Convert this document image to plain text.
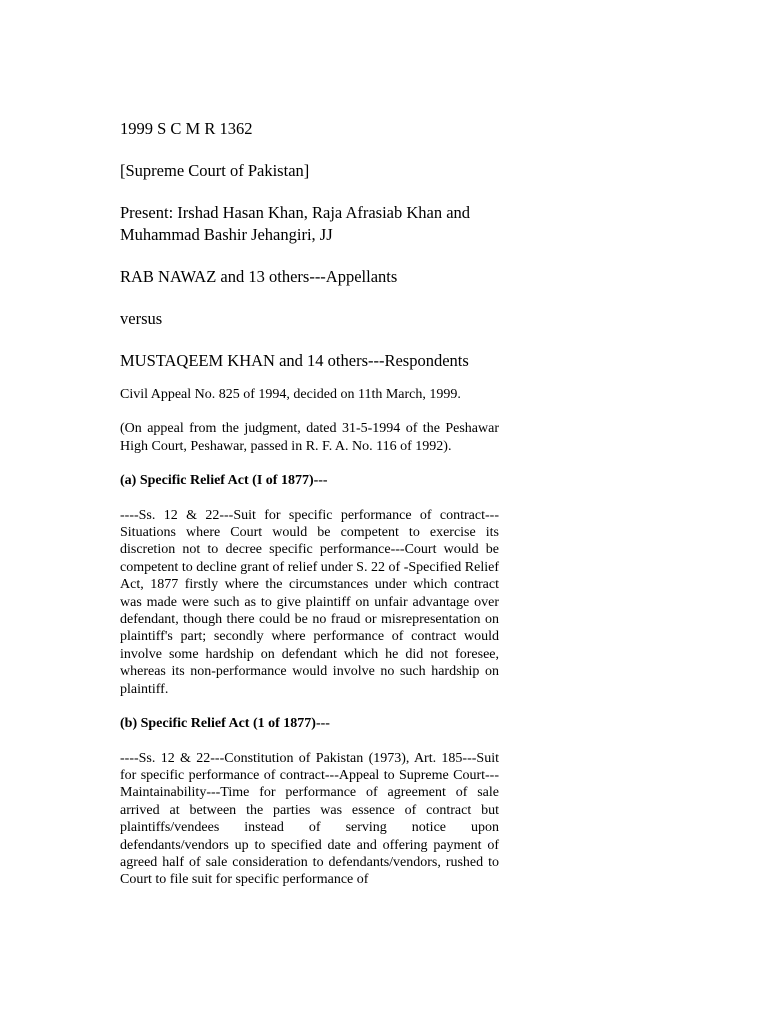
1999 S C M R 1362

[Supreme Court of Pakistan]

Present: Irshad Hasan Khan, Raja Afrasiab Khan and Muhammad Bashir Jehangiri, JJ

RAB NAWAZ and 13 others---Appellants

versus

MUSTAQEEM KHAN and 14 others---Respondents

Civil Appeal No. 825 of 1994, decided on 11th March, 1999.

(On appeal from the judgment, dated 31-5-1994 of the Peshawar High Court, Peshawar, passed in R. F. A. No. 116 of 1992).

(a) Specific Relief Act (I of 1877)---

----Ss. 12 & 22---Suit for specific performance of contract---Situations where Court would be competent to exercise its discretion not to decree specific performance---Court would be competent to decline grant of relief under S. 22 of -Specified Relief Act, 1877 firstly where the circumstances under which contract was made were such as to give plaintiff on unfair advantage over defendant, though there could be no fraud or misrepresentation on plaintiff's part; secondly where performance of contract would involve some hardship on defendant which he did not foresee, whereas its non-performance would involve no such hardship on plaintiff.

(b) Specific Relief Act (1 of 1877)---

----Ss. 12 & 22---Constitution of Pakistan (1973), Art. 185---Suit for specific performance of contract---Appeal to Supreme Court---Maintainability---Time for performance of agreement of sale arrived at between the parties was essence of contract but plaintiffs/vendees instead of serving notice upon defendants/vendors up to specified date and offering payment of agreed half of sale consideration to defendants/vendors, rushed to Court to file suit for specific performance of
